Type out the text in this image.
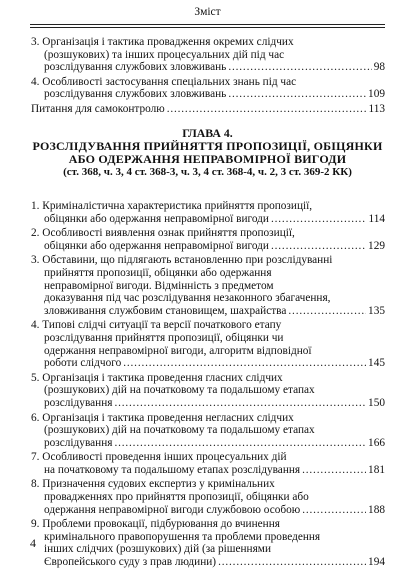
Зміст
3. Організація і тактика провадження окремих слідчих
(розшукових) та інших процесуальних дій під час
розслідування службових зловживань . . .	98
4. Особливості застосування спеціальних знань під час
розслідування службових зловживань . . .	109
Питання для самоконтролю . . .	113
ГЛАВА 4.
РОЗСЛІДУВАННЯ ПРИЙНЯТТЯ ПРОПОЗИЦІЇ, ОБІЦЯНКИ
АБО ОДЕРЖАННЯ НЕПРАВОМІРНОЇ ВИГОДИ
(ст. 368, ч. 3, 4 ст. 368-3, ч. 3, 4 ст. 368-4, ч. 2, 3 ст. 369-2 КК)
1. Криміналістична характеристика прийняття пропозиції,
обіцянки або одержання неправомірної вигоди . . .	114
2. Особливості виявлення ознак прийняття пропозиції,
обіцянки або одержання неправомірної вигоди . . .	129
3. Обставини, що підлягають встановленню при розслідуванні
прийняття пропозиції, обіцянки або одержання
неправомірної вигоди. Відмінність з предметом
доказування під час розслідування незаконного збагачення,
зловживання службовим становищем, шахрайства . . .	135
4. Типові слідчі ситуації та версії початкового етапу
розслідування прийняття пропозиції, обіцянки чи
одержання неправомірної вигоди, алгоритм відповідної
роботи слідчого . . .	145
5. Організація і тактика проведення гласних слідчих
(розшукових) дій на початковому та подальшому етапах
розслідування . . .	150
6. Організація і тактика проведення негласних слідчих
(розшукових) дій на початковому та подальшому етапах
розслідування . . .	166
7. Особливості проведення інших процесуальних дій
на початковому та подальшому етапах розслідування . . .	181
8. Призначення судових експертиз у кримінальних
провадженнях про прийняття пропозиції, обіцянки або
одержання неправомірної вигоди службовою особою . . .	188
9. Проблеми провокації, підбурювання до вчинення
кримінального правопорушення та проблеми проведення
інших слідчих (розшукових) дій (за рішеннями
Європейського суду з прав людини) . . .	194
4
